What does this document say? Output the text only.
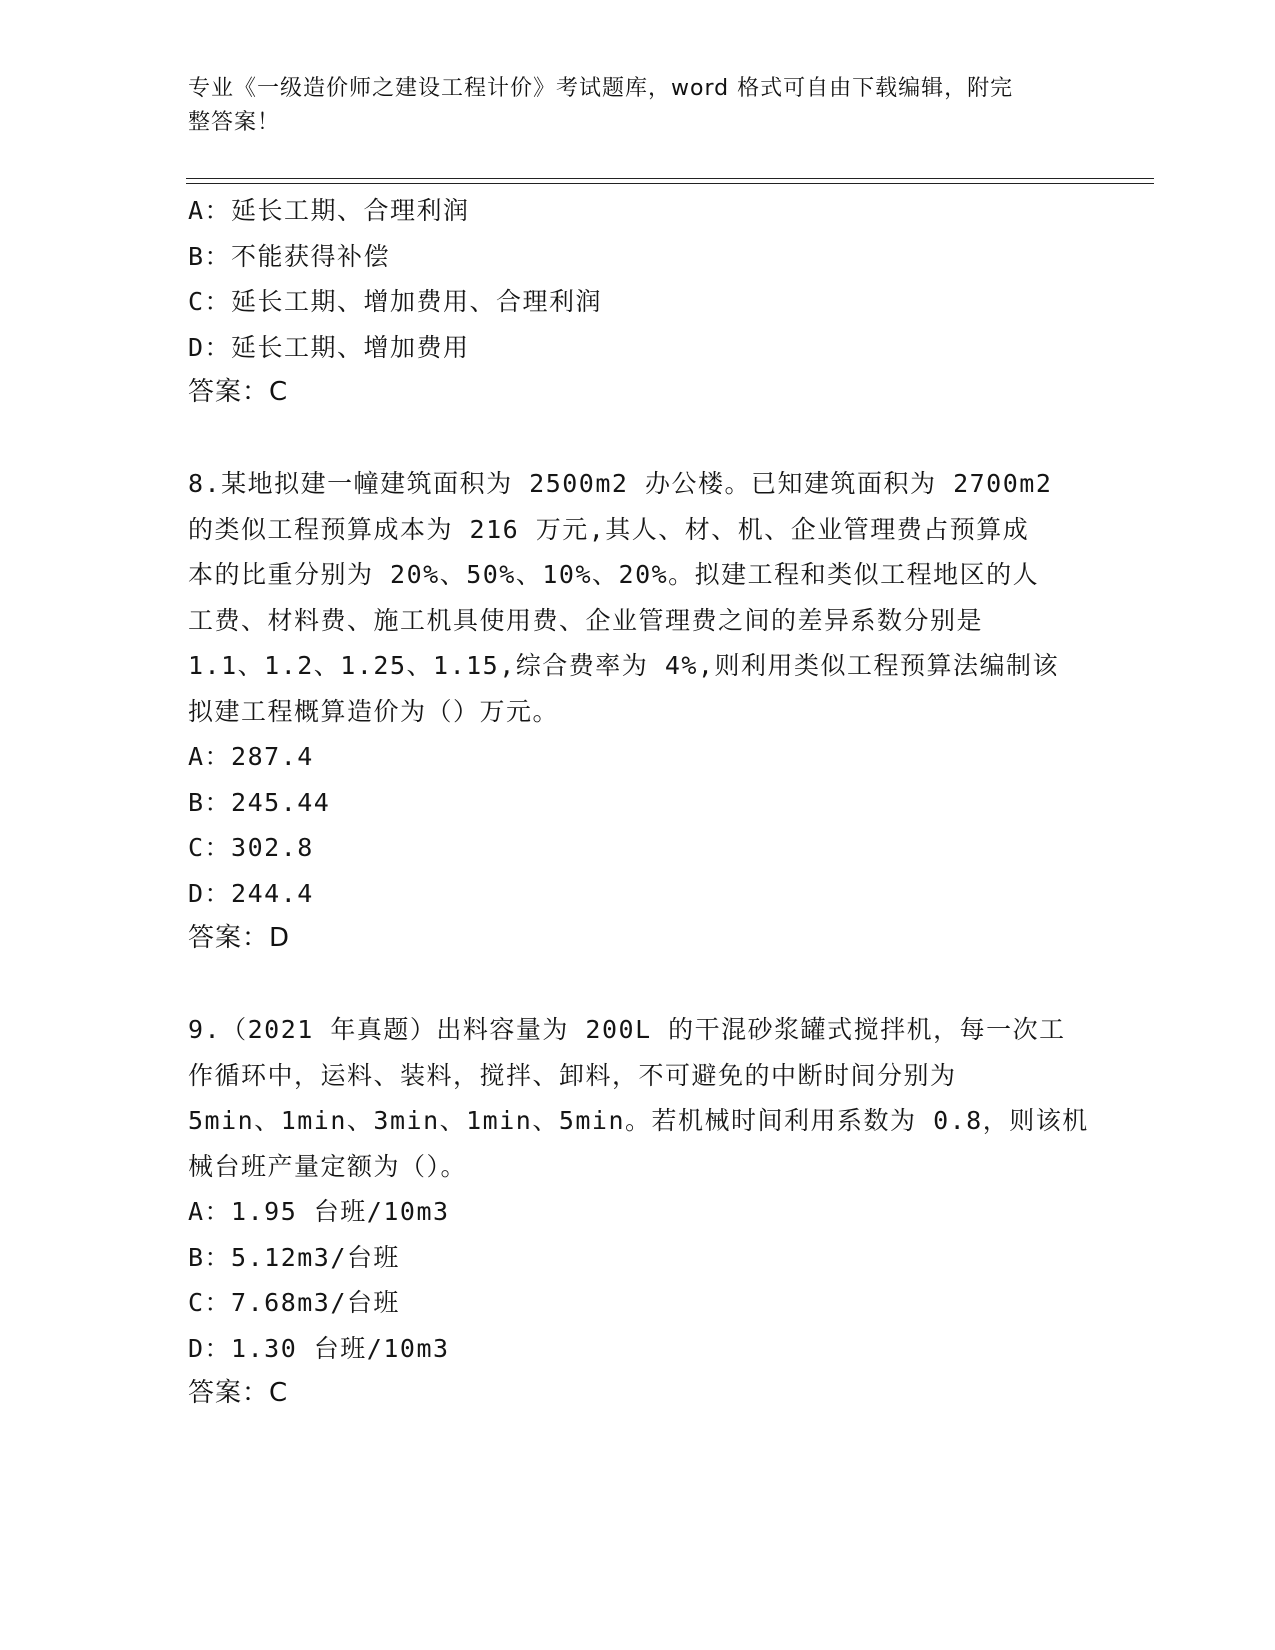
专业《一级造价师之建设工程计价》考试题库，word 格式可自由下载编辑，附完
整答案！
A：延长工期、合理利润
B：不能获得补偿
C：延长工期、增加费用、合理利润
D：延长工期、增加费用
答案：C
8.某地拟建一幢建筑面积为 2500m2 办公楼。已知建筑面积为 2700m2
的类似工程预算成本为 216 万元,其人、材、机、企业管理费占预算成
本的比重分别为 20%、50%、10%、20%。拟建工程和类似工程地区的人
工费、材料费、施工机具使用费、企业管理费之间的差异系数分别是
1.1、1.2、1.25、1.15,综合费率为 4%,则利用类似工程预算法编制该
拟建工程概算造价为（）万元。
A：287.4
B：245.44
C：302.8
D：244.4
答案：D
9.（2021 年真题）出料容量为 200L 的干混砂浆罐式搅拌机，每一次工
作循环中，运料、装料，搅拌、卸料，不可避免的中断时间分别为
5min、1min、3min、1min、5min。若机械时间利用系数为 0.8，则该机
械台班产量定额为（）。
A：1.95 台班/10m3
B：5.12m3/台班
C：7.68m3/台班
D：1.30 台班/10m3
答案：C
